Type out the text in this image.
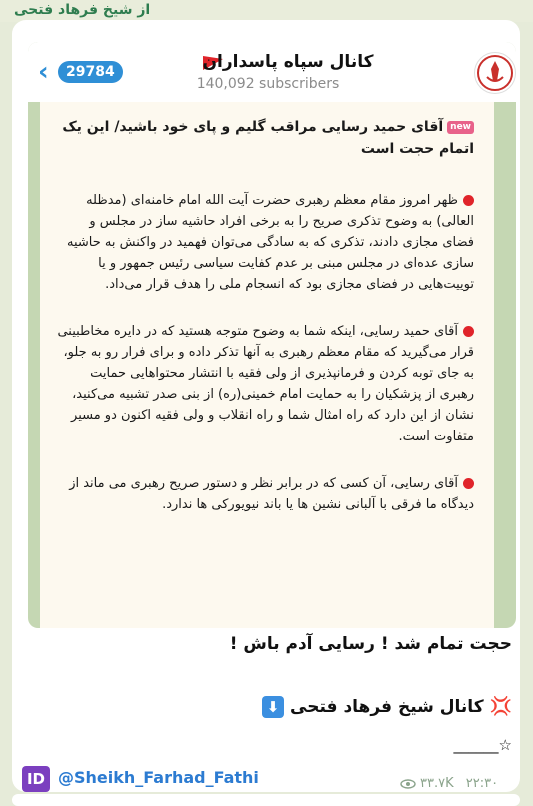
از شیخ فرهاد فتحی
‹	29784	کانال سپاه پاسداران
140,092 subscribers

newآقای حمید رسایی مراقب گلیم و پای خود باشید/ این یک اتمام حجت است

ظهر امروز مقام معظم رهبری حضرت آیت الله امام خامنه‌ای (مدظله العالی) به وضوح تذکری صریح را به برخی افراد حاشیه ساز در مجلس و فضای مجازی دادند، تذکری که به سادگی می‌توان فهمید در واکنش به حاشیه سازی عده‌ای در مجلس مبنی بر عدم کفایت سیاسی رئیس جمهور و یا توییت‌هایی در فضای مجازی بود که انسجام ملی را هدف قرار می‌داد.

آقای حمید رسایی، اینکه شما به وضوح متوجه هستید که در دایره مخاطبینی قرار می‌گیرید که مقام معظم رهبری به آنها تذکر داده و برای فرار رو به جلو، به جای توبه کردن و فرمانپذیری از ولی فقیه با انتشار محتواهایی حمایت رهبری از پزشکیان را به حمایت امام خمینی(ره) از بنی صدر تشبیه می‌کنید، نشان از این دارد که راه امثال شما و راه انقلاب و ولی فقیه اکنون دو مسیر متفاوت است.

آقای رسایی، آن کسی که در برابر نظر و دستور صریح رهبری می ماند از دیدگاه ما فرقی با آلبانی نشین ها یا باند نیویورکی ها ندارد.

حجت تمام شد ! رسایی آدم باش !
💢کانال شیخ فرهاد فتحی⬇
☆______
ID @Sheikh_Farhad_Fathi	۳۳.۷K ۲۲:۳۰
